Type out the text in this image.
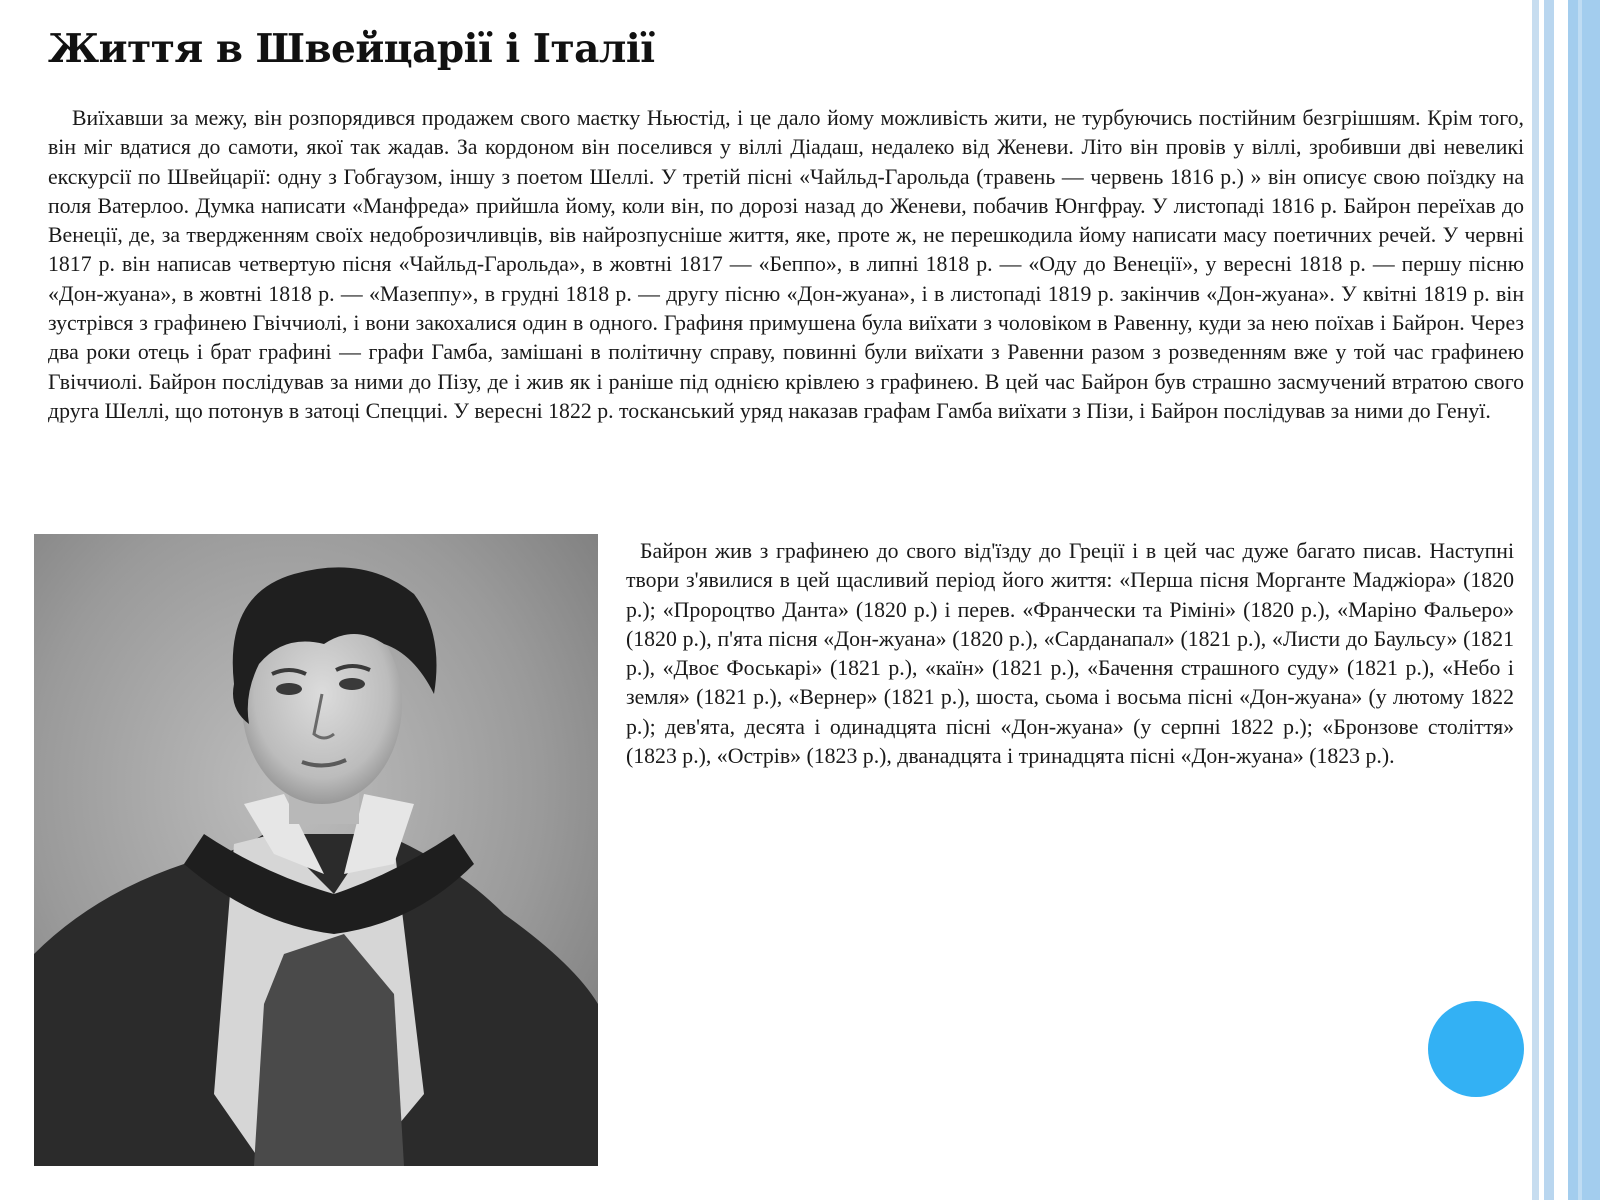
Життя в Швейцарії і Італії

Виїхавши за межу, він розпорядився продажем свого маєтку Ньюстід, і це дало йому можливість жити, не турбуючись постійним безгрішшям. Крім того, він міг вдатися до самоти, якої так жадав. За кордоном він поселився у віллі Діадаш, недалеко від Женеви. Літо він провів у віллі, зробивши дві невеликі екскурсії по Швейцарії: одну з Гобгаузом, іншу з поетом Шеллі. У третій пісні «Чайльд-Гарольда (травень — червень 1816 р.) » він описує свою поїздку на поля Ватерлоо. Думка написати «Манфреда» прийшла йому, коли він, по дорозі назад до Женеви, побачив Юнгфрау. У листопаді 1816 р. Байрон переїхав до Венеції, де, за твердженням своїх недоброзичливців, вів найрозпусніше життя, яке, проте ж, не перешкодила йому написати масу поетичних речей. У червні 1817 р. він написав четвертую пісня «Чайльд-Гарольда», в жовтні 1817 — «Беппо», в липні 1818 р. — «Оду до Венеції», у вересні 1818 р. — першу пісню «Дон-жуана», в жовтні 1818 р. — «Мазеппу», в грудні 1818 р. — другу пісню «Дон-жуана», і в листопаді 1819 р. закінчив «Дон-жуана». У квітні 1819 р. він зустрівся з графинею Гвіччиолі, і вони закохалися один в одного. Графиня примушена була виїхати з чоловіком в Равенну, куди за нею поїхав і Байрон. Через два роки отець і брат графині — графи Гамба, замішані в політичну справу, повинні були виїхати з Равенни разом з розведенням вже у той час графинею Гвіччиолі. Байрон послідував за ними до Пізу, де і жив як і раніше під однією крівлею з графинею. В цей час Байрон був страшно засмучений втратою свого друга Шеллі, що потонув в затоці Спецциі. У вересні 1822 р. тосканський уряд наказав графам Гамба виїхати з Пізи, і Байрон послідував за ними до Генуї.

Байрон жив з графинею до свого від'їзду до Греції і в цей час дуже багато писав. Наступні твори з'явилися в цей щасливий період його життя: «Перша пісня Морганте Маджіора» (1820 р.); «Пророцтво Данта» (1820 р.) і перев. «Франчески та Ріміні» (1820 р.), «Маріно Фальеро» (1820 р.), п'ята пісня «Дон-жуана» (1820 р.), «Сарданапал» (1821 р.), «Листи до Баульсу» (1821 р.), «Двоє Фоськарі» (1821 р.), «каїн» (1821 р.), «Бачення страшного суду» (1821 р.), «Небо і земля» (1821 р.), «Вернер» (1821 р.), шоста, сьома і восьма пісні «Дон-жуана» (у лютому 1822 р.); дев'ята, десята і одинадцята пісні «Дон-жуана» (у серпні 1822 р.); «Бронзове століття» (1823 р.), «Острів» (1823 р.), дванадцята і тринадцята пісні «Дон-жуана» (1823 р.).
